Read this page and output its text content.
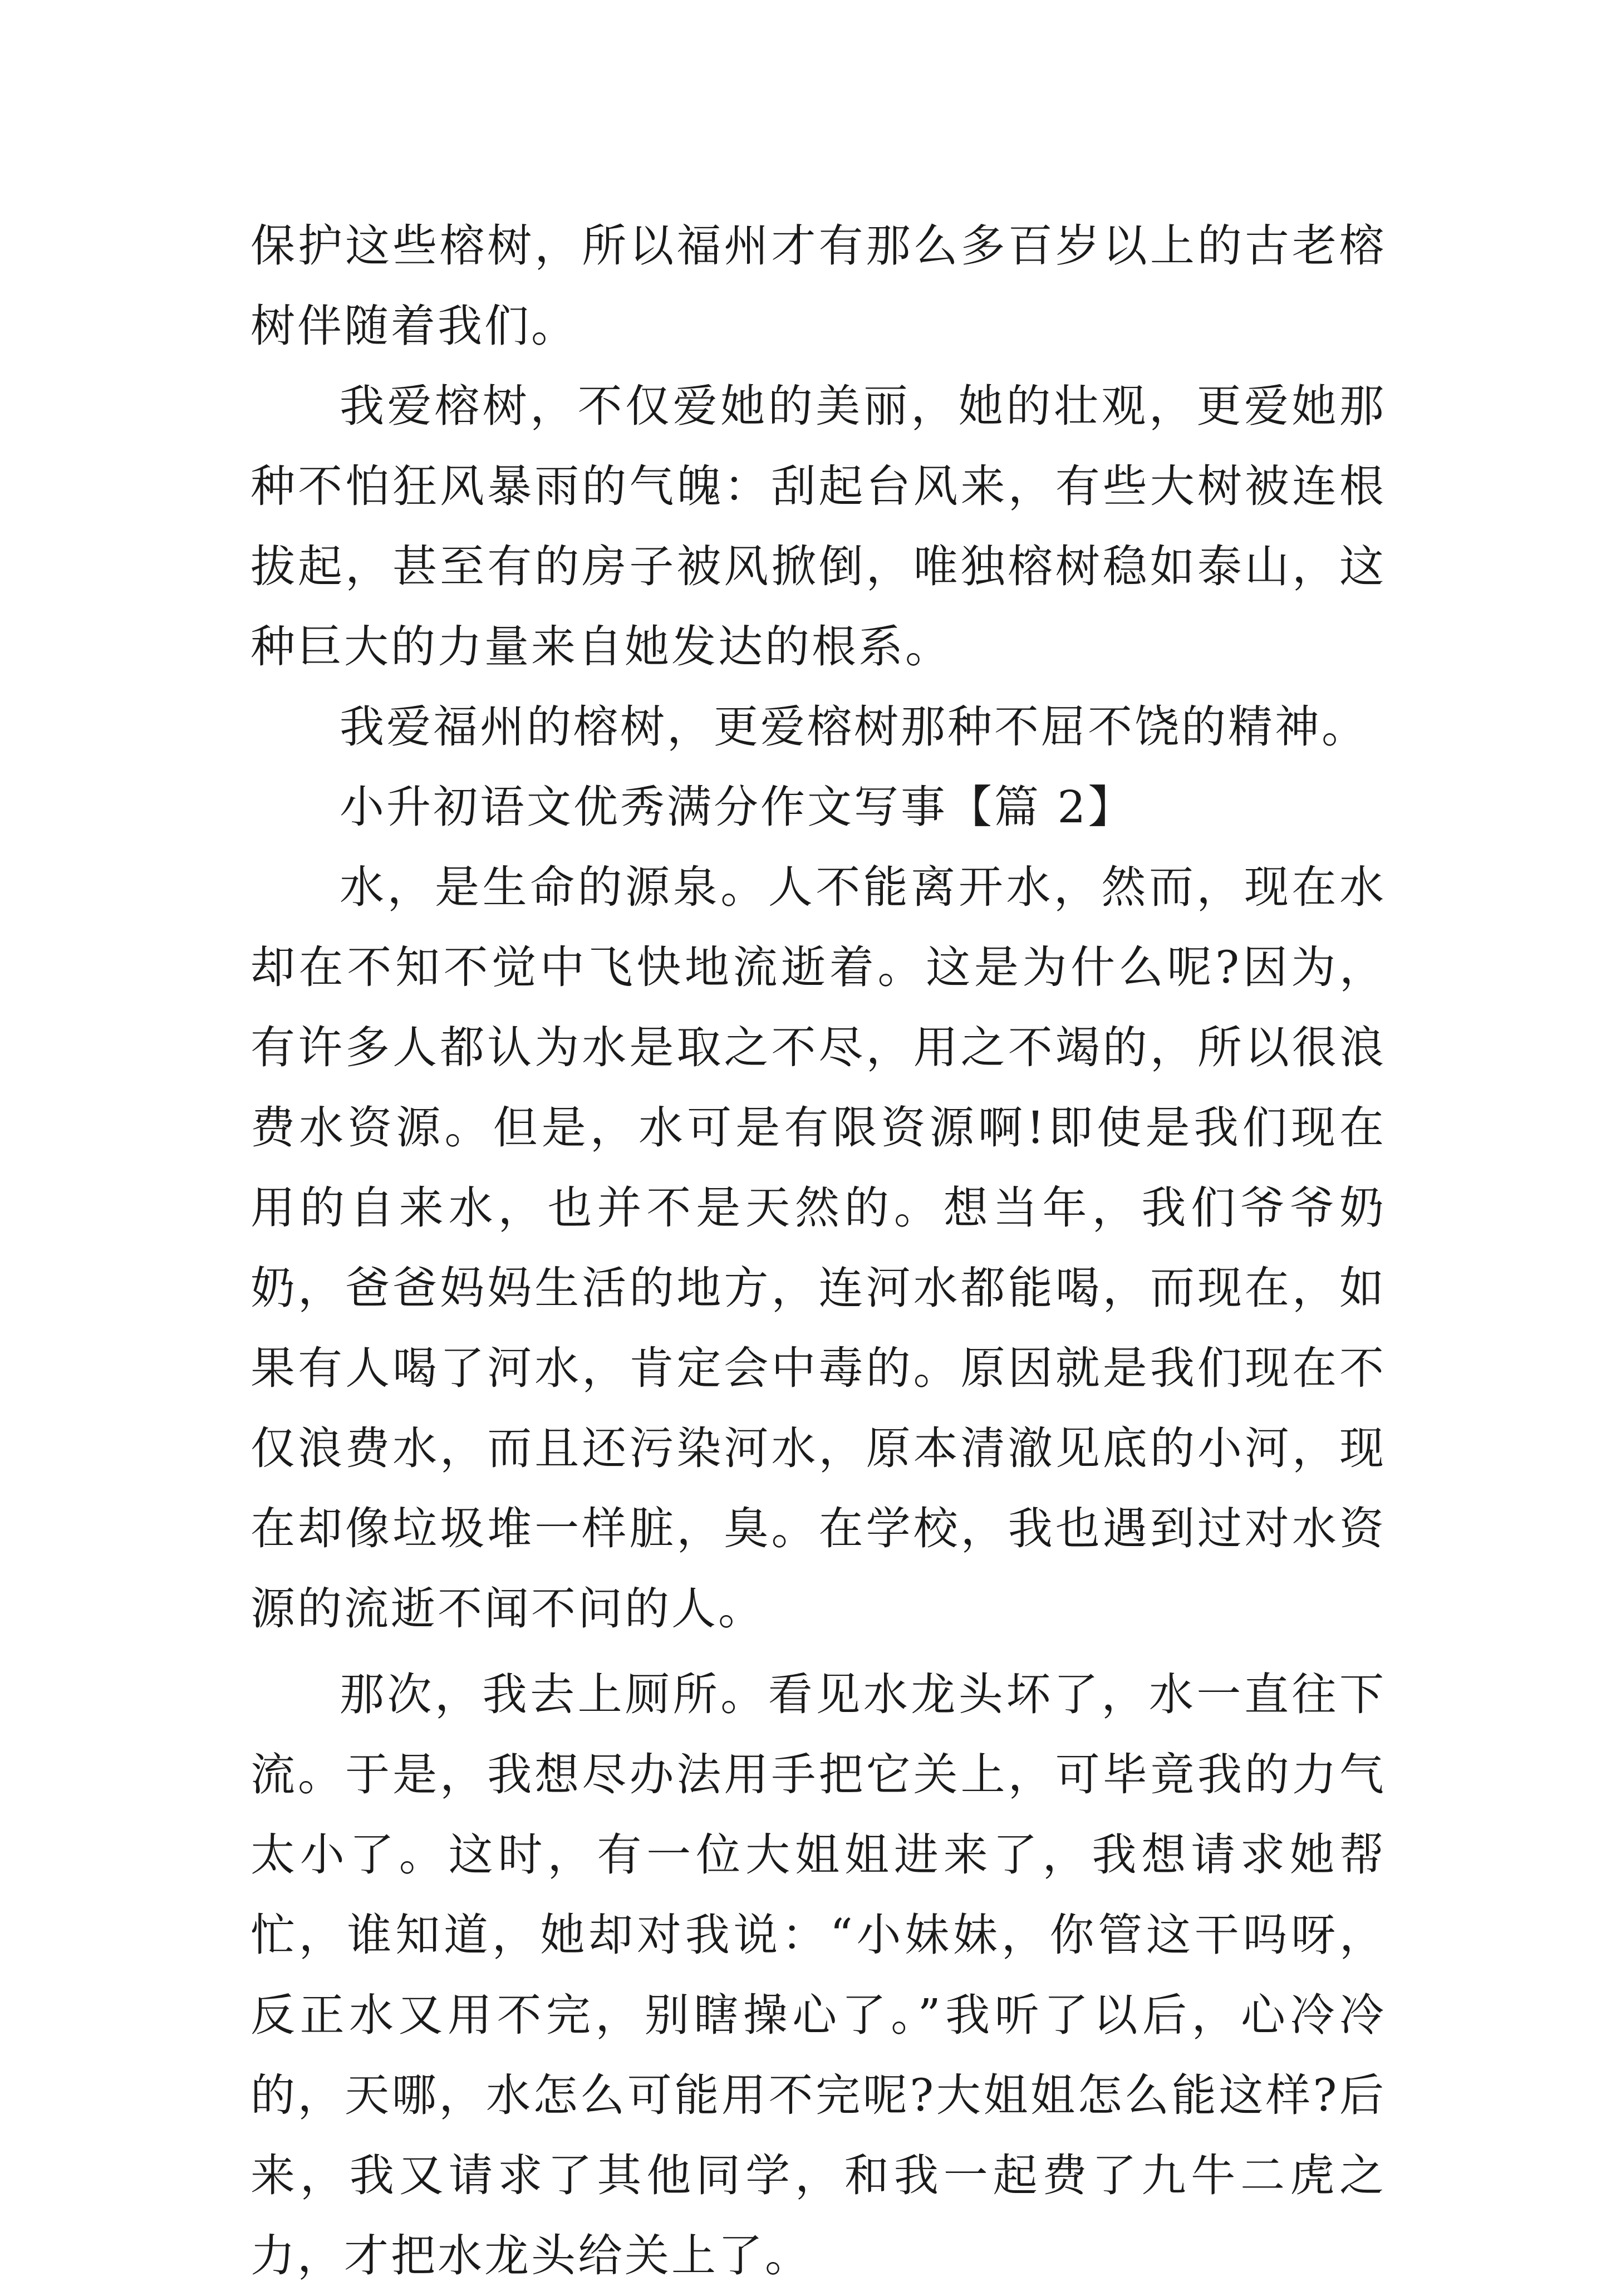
保护这些榕树，所以福州才有那么多百岁以上的古老榕树伴随着我们。

我爱榕树，不仅爱她的美丽，她的壮观，更爱她那种不怕狂风暴雨的气魄：刮起台风来，有些大树被连根拔起，甚至有的房子被风掀倒，唯独榕树稳如泰山，这种巨大的力量来自她发达的根系。

我爱福州的榕树，更爱榕树那种不屈不饶的精神。

小升初语文优秀满分作文写事【篇 2】

水，是生命的源泉。人不能离开水，然而，现在水却在不知不觉中飞快地流逝着。这是为什么呢?因为，有许多人都认为水是取之不尽，用之不竭的，所以很浪费水资源。但是，水可是有限资源啊!即使是我们现在用的自来水，也并不是天然的。想当年，我们爷爷奶奶，爸爸妈妈生活的地方，连河水都能喝，而现在，如果有人喝了河水，肯定会中毒的。原因就是我们现在不仅浪费水，而且还污染河水，原本清澈见底的小河，现在却像垃圾堆一样脏，臭。在学校，我也遇到过对水资源的流逝不闻不问的人。

那次，我去上厕所。看见水龙头坏了，水一直往下流。于是，我想尽办法用手把它关上，可毕竟我的力气太小了。这时，有一位大姐姐进来了，我想请求她帮忙，谁知道，她却对我说：“小妹妹，你管这干吗呀，反正水又用不完，别瞎操心了。”我听了以后，心冷冷的，天哪，水怎么可能用不完呢?大姐姐怎么能这样?后来，我又请求了其他同学，和我一起费了九牛二虎之力，才把水龙头给关上了。
